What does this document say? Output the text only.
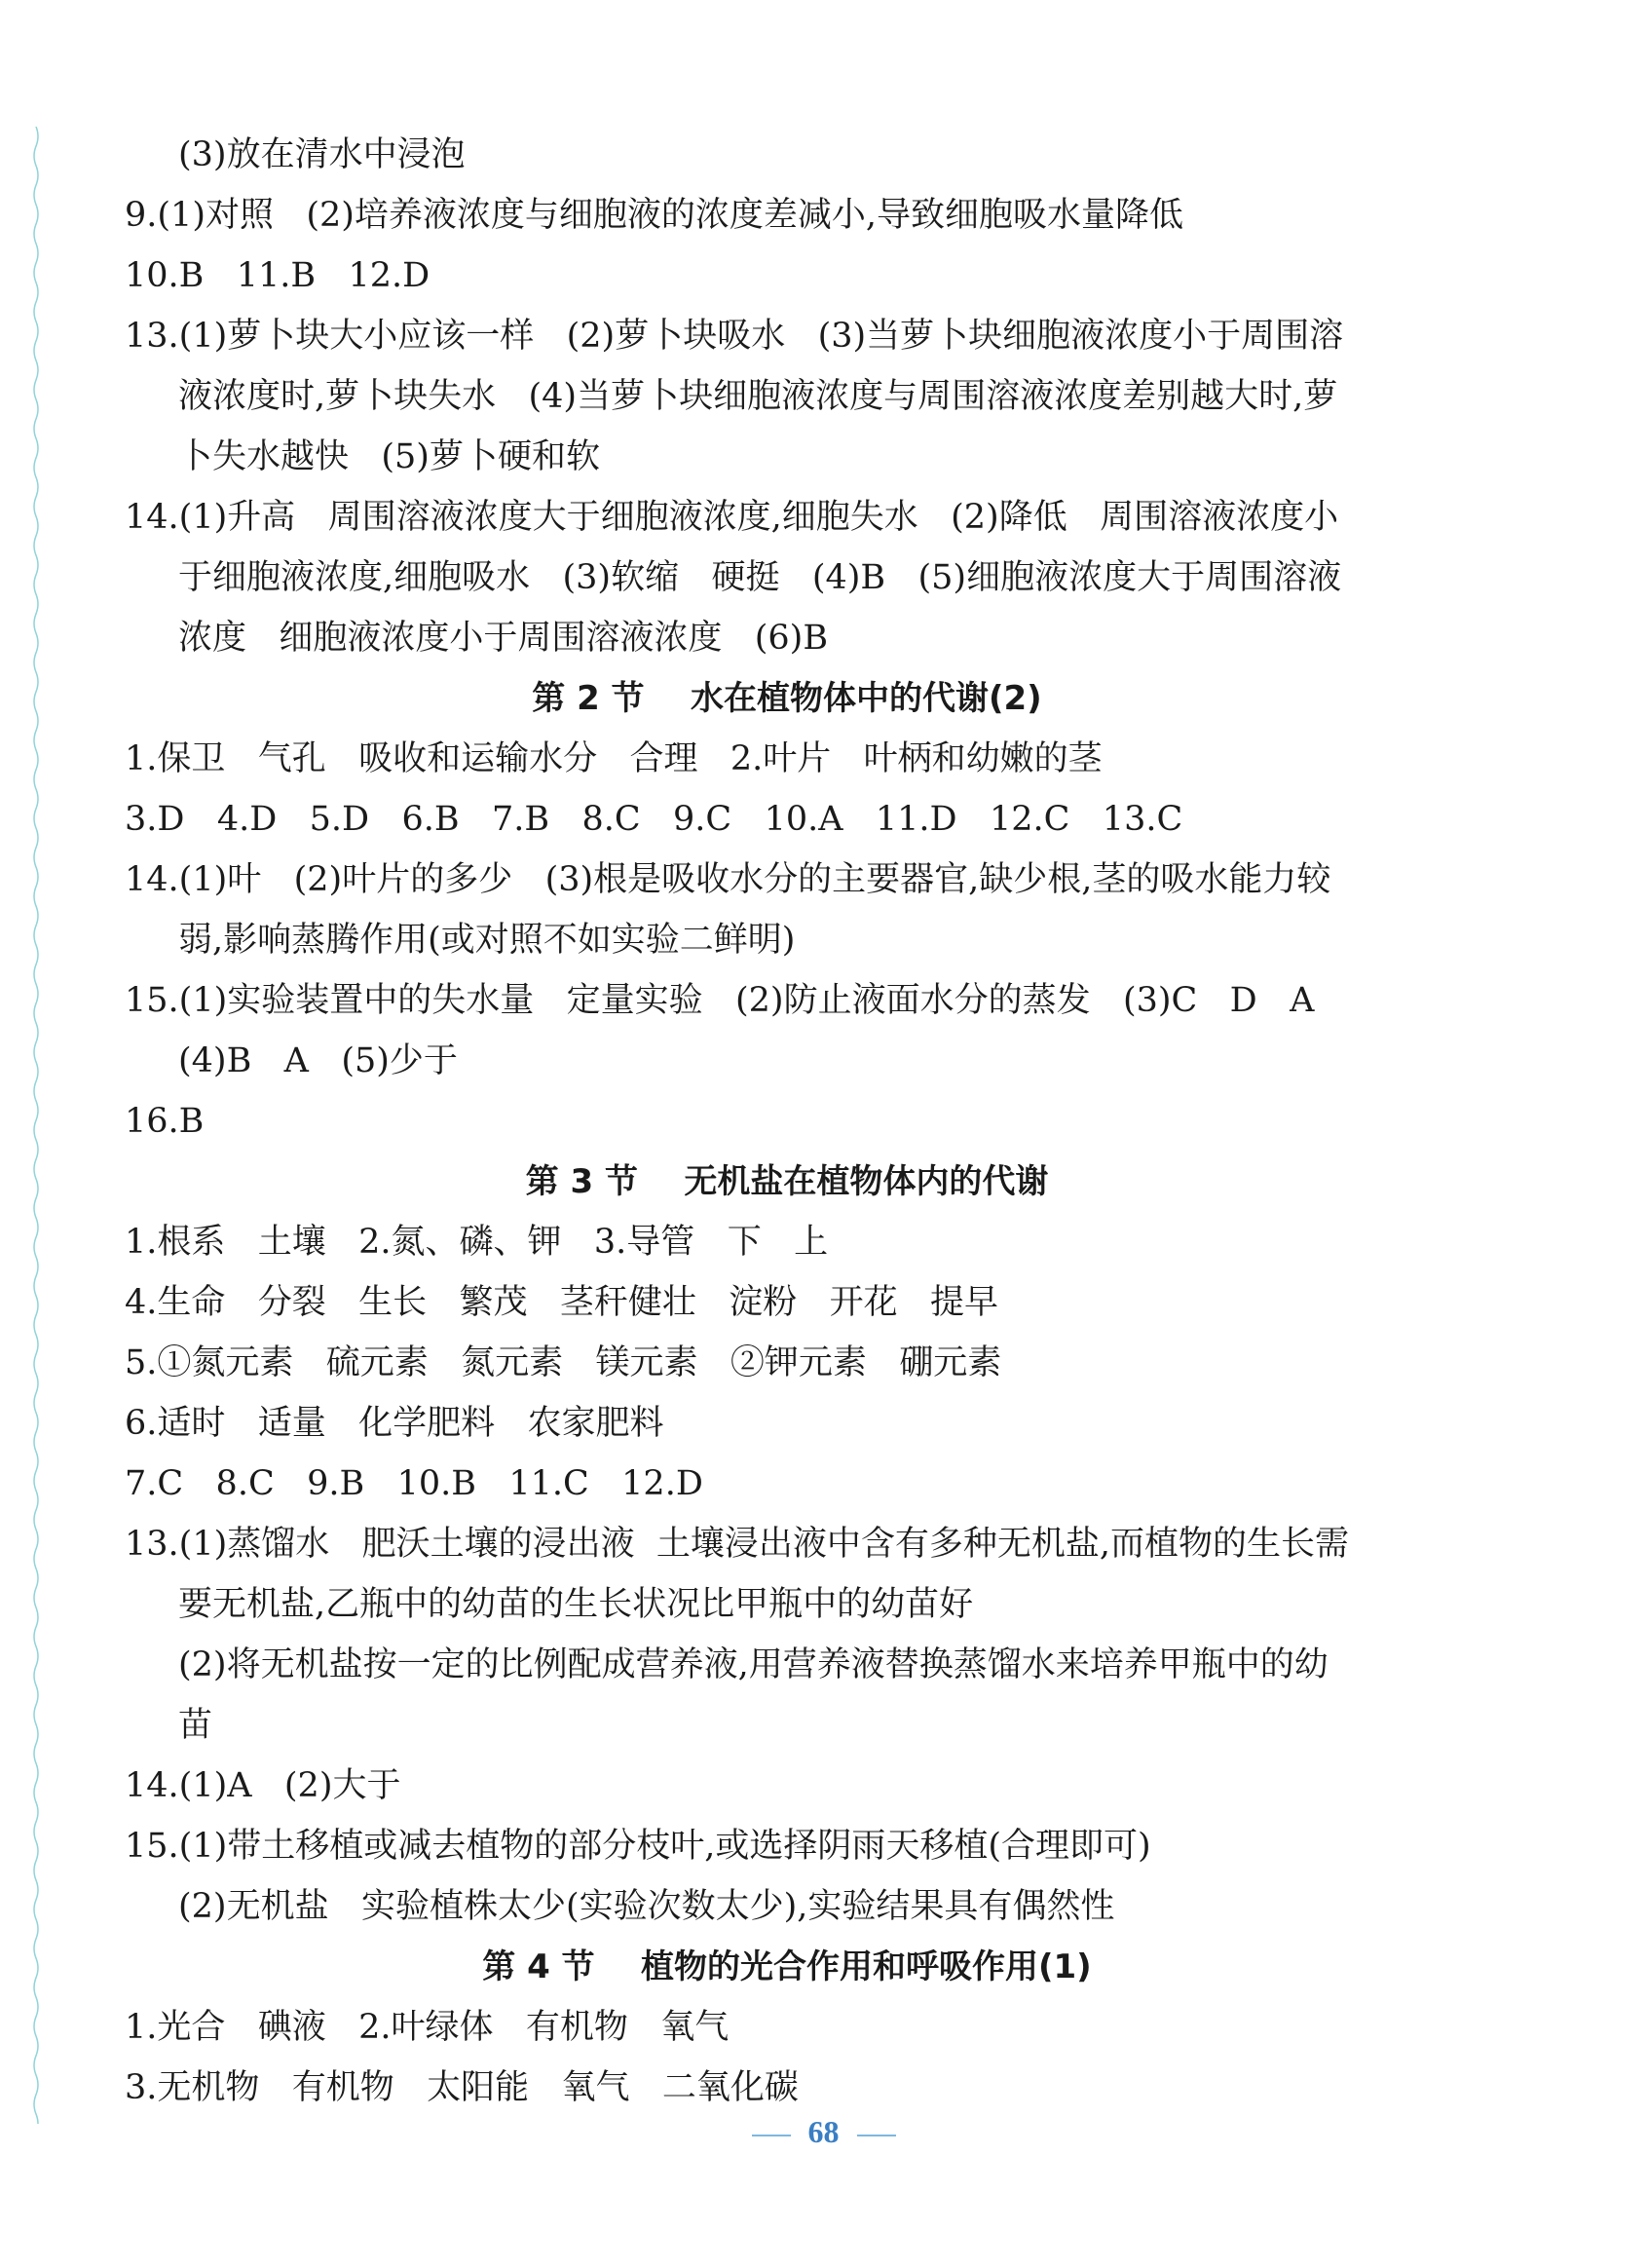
(3)放在清水中浸泡
9.(1)对照   (2)培养液浓度与细胞液的浓度差减小,导致细胞吸水量降低
10.B   11.B   12.D
13.(1)萝卜块大小应该一样   (2)萝卜块吸水   (3)当萝卜块细胞液浓度小于周围溶
液浓度时,萝卜块失水   (4)当萝卜块细胞液浓度与周围溶液浓度差别越大时,萝
卜失水越快   (5)萝卜硬和软
14.(1)升高   周围溶液浓度大于细胞液浓度,细胞失水   (2)降低   周围溶液浓度小
于细胞液浓度,细胞吸水   (3)软缩   硬挺   (4)B   (5)细胞液浓度大于周围溶液
浓度   细胞液浓度小于周围溶液浓度   (6)B
第 2 节    水在植物体中的代谢(2)
1.保卫   气孔   吸收和运输水分   合理   2.叶片   叶柄和幼嫩的茎
3.D   4.D   5.D   6.B   7.B   8.C   9.C   10.A   11.D   12.C   13.C
14.(1)叶   (2)叶片的多少   (3)根是吸收水分的主要器官,缺少根,茎的吸水能力较
弱,影响蒸腾作用(或对照不如实验二鲜明)
15.(1)实验装置中的失水量   定量实验   (2)防止液面水分的蒸发   (3)C   D   A
(4)B   A   (5)少于
16.B
第 3 节    无机盐在植物体内的代谢
1.根系   土壤   2.氮、磷、钾   3.导管   下   上
4.生命   分裂   生长   繁茂   茎秆健壮   淀粉   开花   提早
5.①氮元素   硫元素   氮元素   镁元素   ②钾元素   硼元素
6.适时   适量   化学肥料   农家肥料
7.C   8.C   9.B   10.B   11.C   12.D
13.(1)蒸馏水   肥沃土壤的浸出液  土壤浸出液中含有多种无机盐,而植物的生长需
要无机盐,乙瓶中的幼苗的生长状况比甲瓶中的幼苗好
(2)将无机盐按一定的比例配成营养液,用营养液替换蒸馏水来培养甲瓶中的幼
苗
14.(1)A   (2)大于
15.(1)带土移植或减去植物的部分枝叶,或选择阴雨天移植(合理即可)
(2)无机盐   实验植株太少(实验次数太少),实验结果具有偶然性
第 4 节    植物的光合作用和呼吸作用(1)
1.光合   碘液   2.叶绿体   有机物   氧气
3.无机物   有机物   太阳能   氧气   二氧化碳
68
